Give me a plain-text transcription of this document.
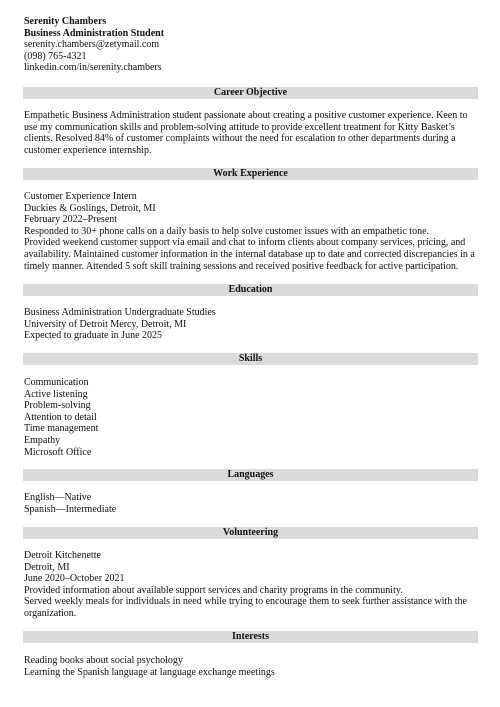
Serenity Chambers
Business Administration Student
serenity.chambers@zetymail.com
(098) 765-4321
linkedin.com/in/serenity.chambers
Career Objective
Empathetic Business Administration student passionate about creating a positive customer experience. Keen to use my communication skills and problem-solving attitude to provide excellent treatment for Kitty Basket’s clients. Resolved 84% of customer complaints without the need for escalation to other departments during a customer experience internship.
Work Experience
Customer Experience Intern
Duckies & Goslings, Detroit, MI
February 2022–Present
Responded to 30+ phone calls on a daily basis to help solve customer issues with an empathetic tone.
Provided weekend customer support via email and chat to inform clients about company services, pricing, and availability. Maintained customer information in the internal database up to date and corrected discrepancies in a timely manner. Attended 5 soft skill training sessions and received positive feedback for active participation.
Education
Business Administration Undergraduate Studies
University of Detroit Mercy, Detroit, MI
Expected to graduate in June 2025
Skills
Communication
Active listening
Problem-solving
Attention to detail
Time management
Empathy
Microsoft Office
Languages
English—Native
Spanish—Intermediate
Volunteering
Detroit Kitchenette
Detroit, MI
June 2020–October 2021
Provided information about available support services and charity programs in the community.
Served weekly meals for individuals in need while trying to encourage them to seek further assistance with the organization.
Interests
Reading books about social psychology
Learning the Spanish language at language exchange meetings
